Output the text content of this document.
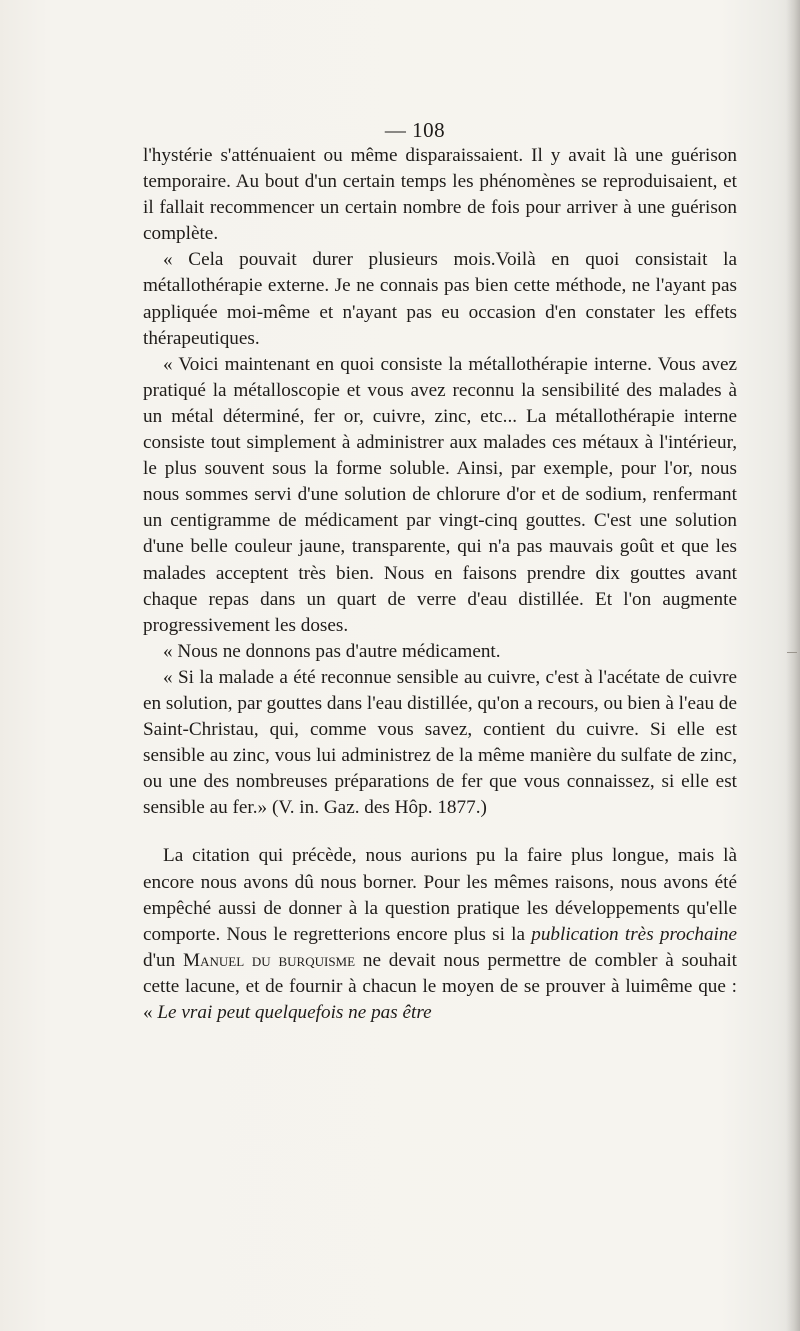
— 108

l'hystérie s'atténuaient ou même disparaissaient. Il y avait là une guérison temporaire. Au bout d'un certain temps les phénomènes se reproduisaient, et il fallait recommencer un certain nombre de fois pour arriver à une guérison complète.

« Cela pouvait durer plusieurs mois.Voilà en quoi consistait la métallothérapie externe. Je ne connais pas bien cette méthode, ne l'ayant pas appliquée moi-même et n'ayant pas eu occasion d'en constater les effets thérapeutiques.

« Voici maintenant en quoi consiste la métallothérapie interne. Vous avez pratiqué la métalloscopie et vous avez reconnu la sensibilité des malades à un métal déterminé, fer or, cuivre, zinc, etc... La métallothérapie interne consiste tout simplement à administrer aux malades ces métaux à l'intérieur, le plus souvent sous la forme soluble. Ainsi, par exemple, pour l'or, nous nous sommes servi d'une solution de chlorure d'or et de sodium, renfermant un centigramme de médicament par vingt-cinq gouttes. C'est une solution d'une belle couleur jaune, transparente, qui n'a pas mauvais goût et que les malades acceptent très bien. Nous en faisons prendre dix gouttes avant chaque repas dans un quart de verre d'eau distillée. Et l'on augmente progressivement les doses.

« Nous ne donnons pas d'autre médicament.

« Si la malade a été reconnue sensible au cuivre, c'est à l'acétate de cuivre en solution, par gouttes dans l'eau distillée, qu'on a recours, ou bien à l'eau de Saint-Christau, qui, comme vous savez, contient du cuivre. Si elle est sensible au zinc, vous lui administrez de la même manière du sulfate de zinc, ou une des nombreuses préparations de fer que vous connaissez, si elle est sensible au fer.» (V. in. Gaz. des Hôp. 1877.)

La citation qui précède, nous aurions pu la faire plus longue, mais là encore nous avons dû nous borner. Pour les mêmes raisons, nous avons été empêché aussi de donner à la question pratique les développements qu'elle comporte. Nous le regretterions encore plus si la publication très prochaine d'un Manuel du burquisme ne devait nous permettre de combler à souhait cette lacune, et de fournir à chacun le moyen de se prouver à luimême que : « Le vrai peut quelquefois ne pas être
